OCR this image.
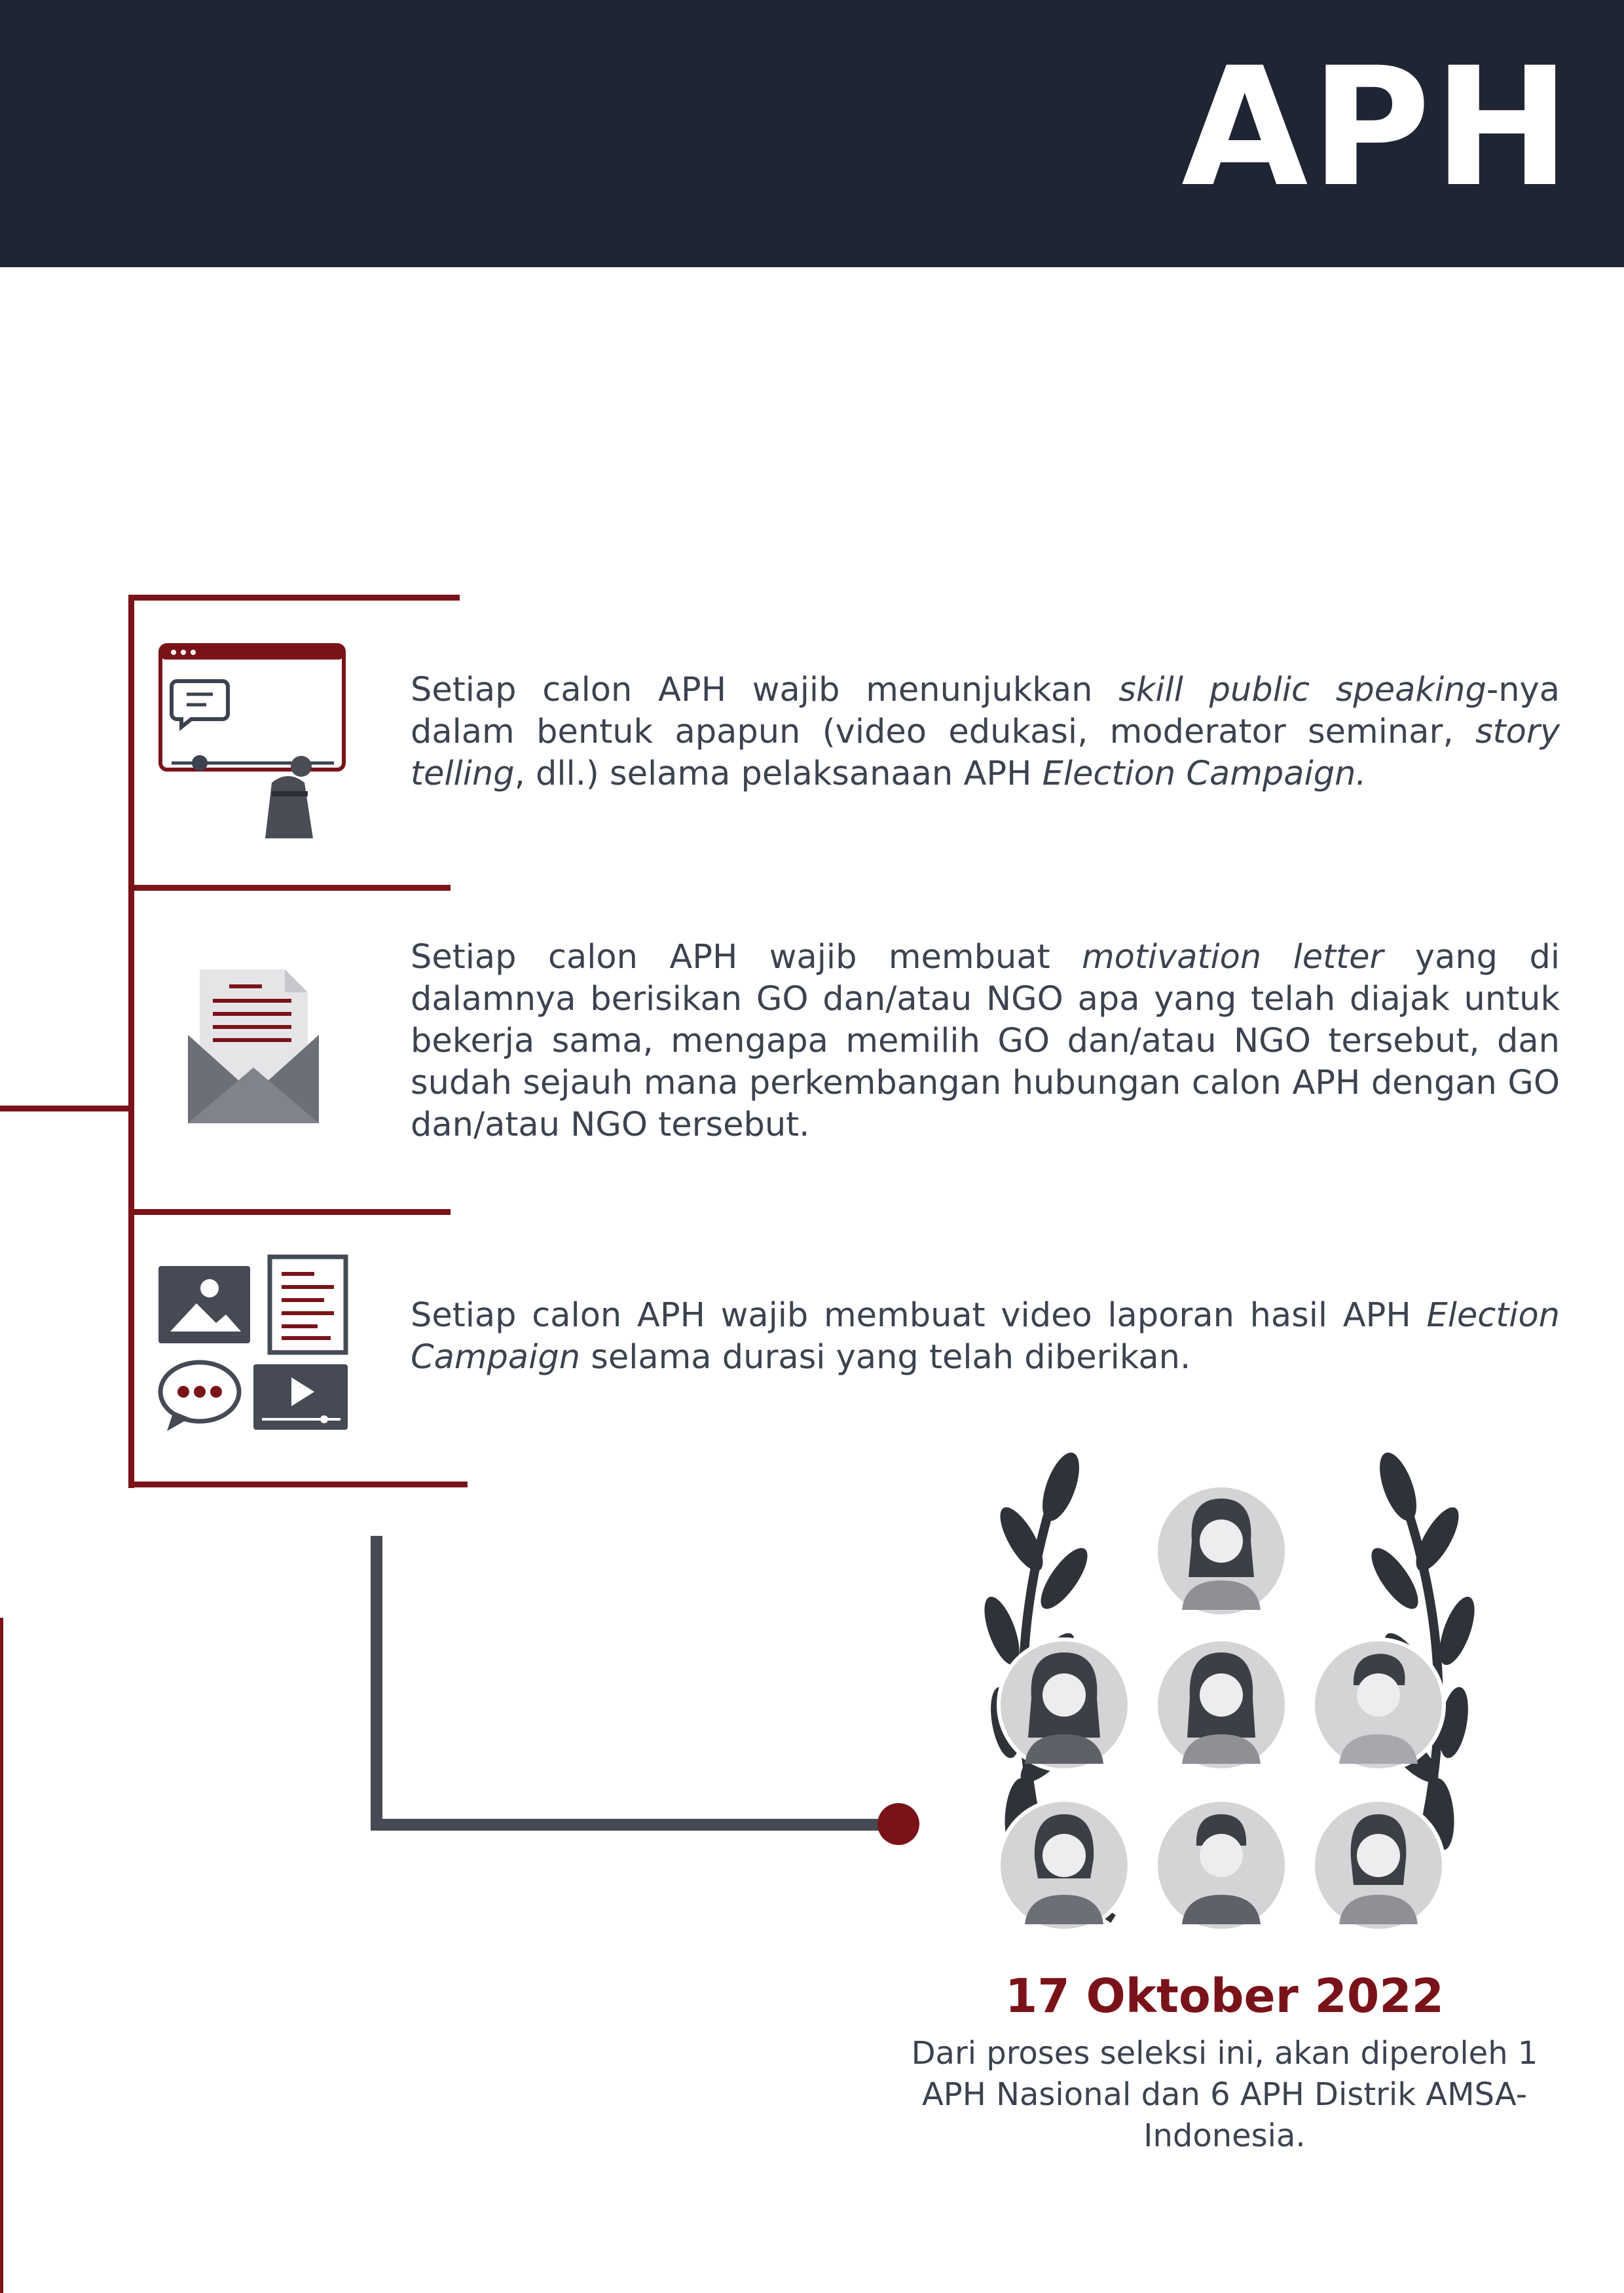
APH
Setiap calon APH wajib menunjukkan skill public speaking-nya dalam bentuk apapun (video edukasi, moderator seminar, story telling, dll.) selama pelaksanaan APH Election Campaign.
Setiap calon APH wajib membuat motivation letter yang di dalamnya berisikan GO dan/atau NGO apa yang telah diajak untuk bekerja sama, mengapa memilih GO dan/atau NGO tersebut, dan sudah sejauh mana perkembangan hubungan calon APH dengan GO dan/atau NGO tersebut.
Setiap calon APH wajib membuat video laporan hasil APH Election Campaign selama durasi yang telah diberikan.
17 Oktober 2022
Dari proses seleksi ini, akan diperoleh 1 APH Nasional dan 6 APH Distrik AMSA-Indonesia.
